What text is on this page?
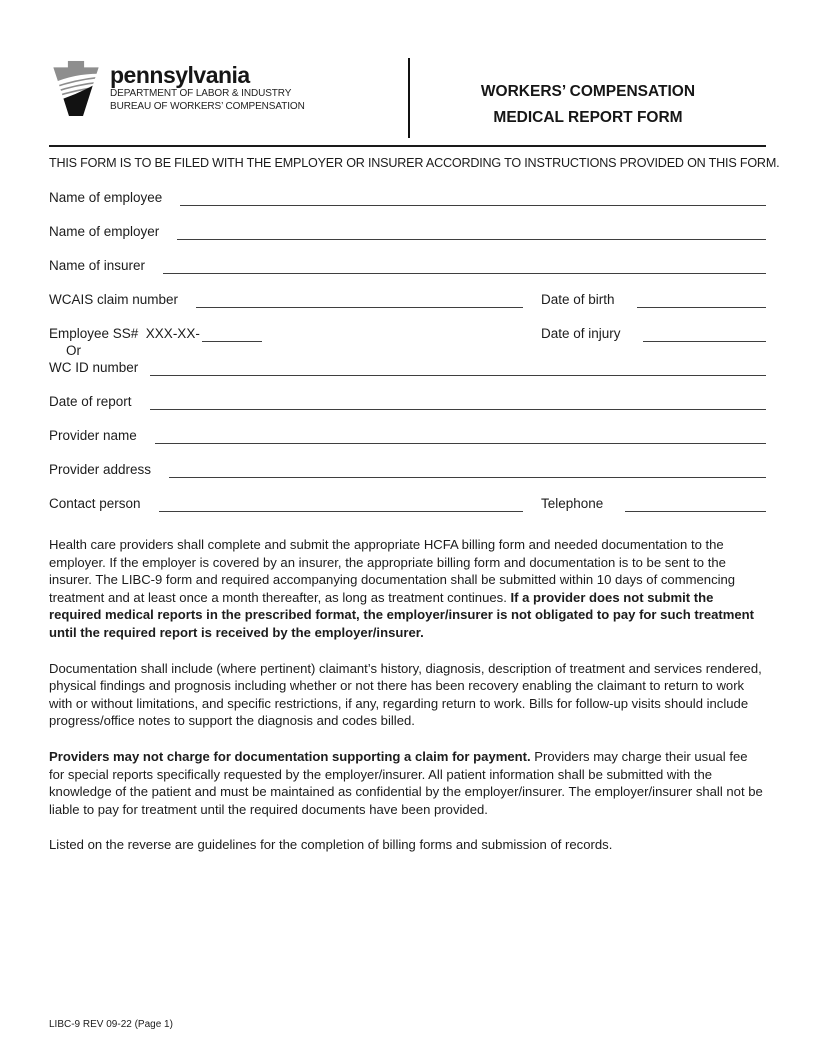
pennsylvania
DEPARTMENT OF LABOR & INDUSTRY
BUREAU OF WORKERS’ COMPENSATION
WORKERS’ COMPENSATION
MEDICAL REPORT FORM
THIS FORM IS TO BE FILED WITH THE EMPLOYER OR INSURER ACCORDING TO INSTRUCTIONS PROVIDED ON THIS FORM.
Name of employee
Name of employer
Name of insurer
WCAIS claim number	Date of birth
Employee SS#  XXX-XX-	Date of injury
Or
WC ID number
Date of report
Provider name
Provider address
Contact person	Telephone

Health care providers shall complete and submit the appropriate HCFA billing form and needed documentation to the employer. If the employer is covered by an insurer, the appropriate billing form and documentation is to be sent to the insurer. The LIBC-9 form and required accompanying documentation shall be submitted within 10 days of commencing treatment and at least once a month thereafter, as long as treatment continues. If a provider does not submit the required medical reports in the prescribed format, the employer/insurer is not obligated to pay for such treatment until the required report is received by the employer/insurer.

Documentation shall include (where pertinent) claimant’s history, diagnosis, description of treatment and services rendered, physical findings and prognosis including whether or not there has been recovery enabling the claimant to return to work with or without limitations, and specific restrictions, if any, regarding return to work. Bills for follow-up visits should include progress/office notes to support the diagnosis and codes billed.

Providers may not charge for documentation supporting a claim for payment. Providers may charge their usual fee for special reports specifically requested by the employer/insurer. All patient information shall be submitted with the knowledge of the patient and must be maintained as confidential by the employer/insurer. The employer/insurer shall not be liable to pay for treatment until the required documents have been provided.

Listed on the reverse are guidelines for the completion of billing forms and submission of records.

LIBC-9 REV 09-22 (Page 1)
